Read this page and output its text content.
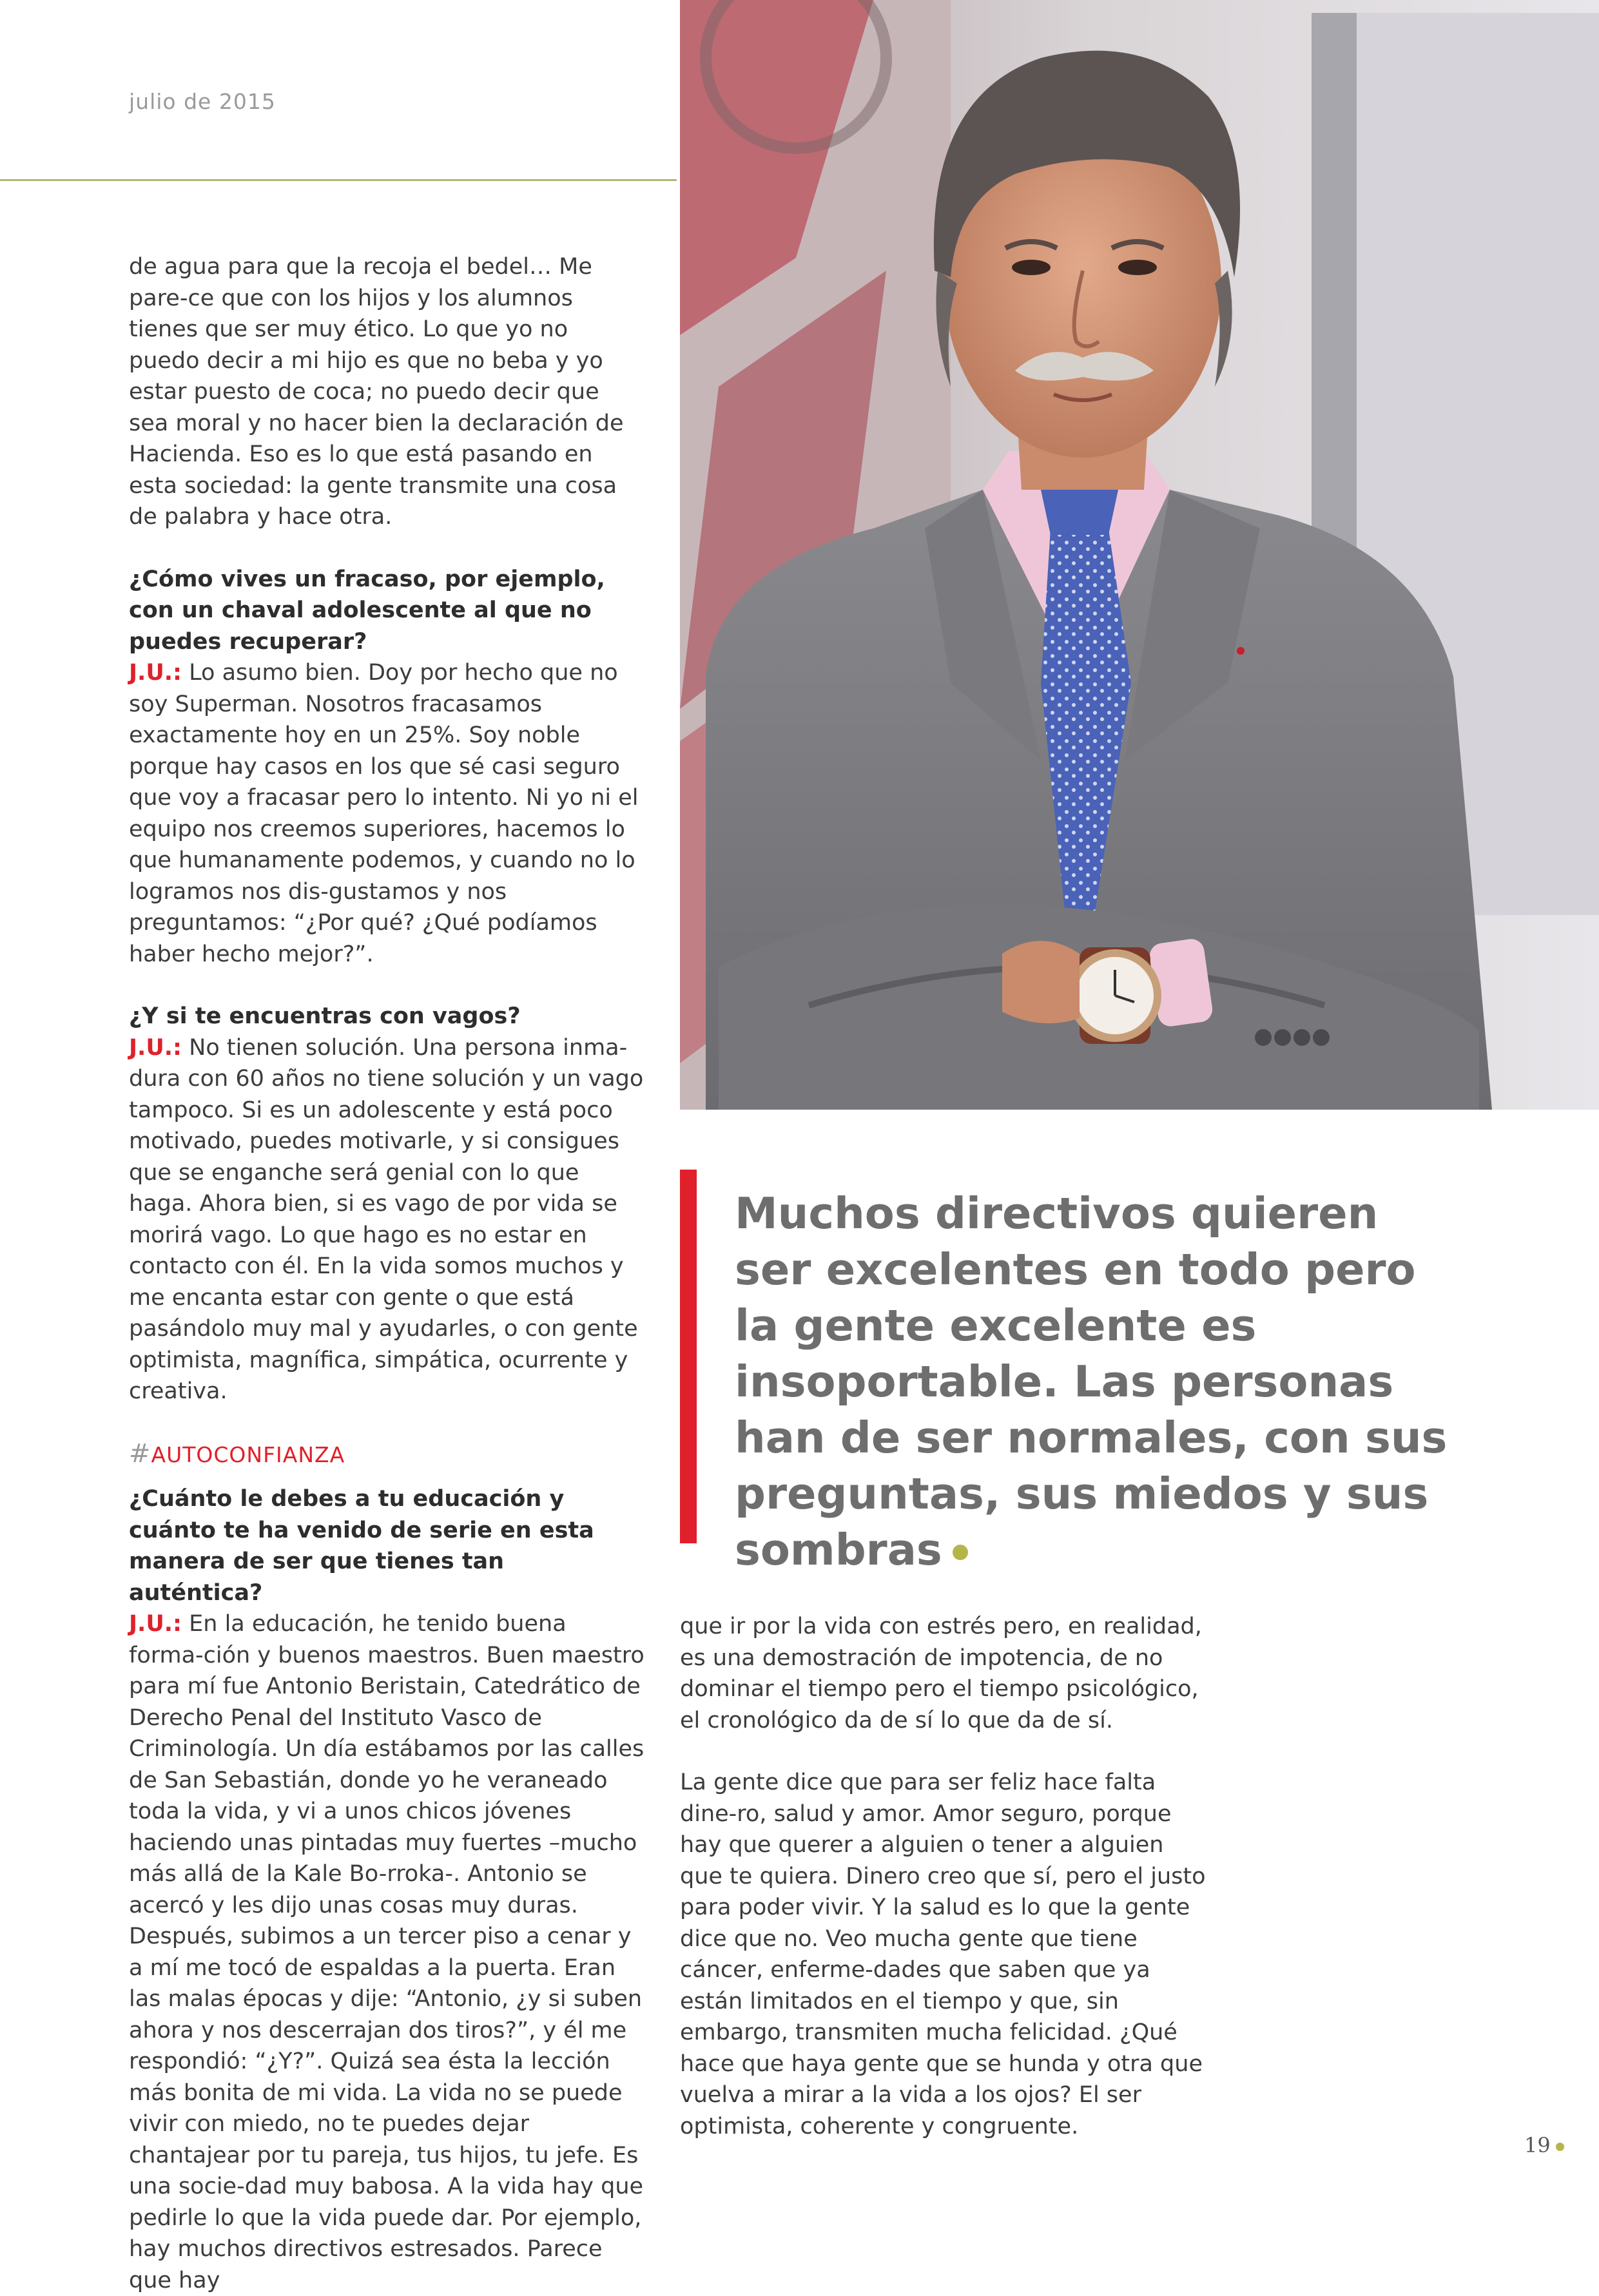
julio de 2015

de agua para que la recoja el bedel… Me pare-ce que con los hijos y los alumnos tienes que ser muy ético. Lo que yo no puedo decir a mi hijo es que no beba y yo estar puesto de coca; no puedo decir que sea moral y no hacer bien la declaración de Hacienda. Eso es lo que está pasando en esta sociedad: la gente transmite una cosa de palabra y hace otra.

¿Cómo vives un fracaso, por ejemplo, con un chaval adolescente al que no puedes recuperar?

J.U.: Lo asumo bien. Doy por hecho que no soy Superman. Nosotros fracasamos exactamente hoy en un 25%. Soy noble porque hay casos en los que sé casi seguro que voy a fracasar pero lo intento. Ni yo ni el equipo nos creemos superiores, hacemos lo que humanamente podemos, y cuando no lo logramos nos dis-gustamos y nos preguntamos: “¿Por qué? ¿Qué podíamos haber hecho mejor?”.

¿Y si te encuentras con vagos?

J.U.: No tienen solución. Una persona inma-dura con 60 años no tiene solución y un vago tampoco. Si es un adolescente y está poco motivado, puedes motivarle, y si consigues que se enganche será genial con lo que haga. Ahora bien, si es vago de por vida se morirá vago. Lo que hago es no estar en contacto con él. En la vida somos muchos y me encanta estar con gente o que está pasándolo muy mal y ayudarles, o con gente optimista, magnífica, simpática, ocurrente y creativa.

#AUTOCONFIANZA

¿Cuánto le debes a tu educación y cuánto te ha venido de serie en esta manera de ser que tienes tan auténtica?

J.U.: En la educación, he tenido buena forma-ción y buenos maestros. Buen maestro para mí fue Antonio Beristain, Catedrático de Derecho Penal del Instituto Vasco de Criminología. Un día estábamos por las calles de San Sebastián, donde yo he veraneado toda la vida, y vi a unos chicos jóvenes haciendo unas pintadas muy fuertes –mucho más allá de la Kale Bo-rroka-. Antonio se acercó y les dijo unas cosas muy duras. Después, subimos a un tercer piso a cenar y a mí me tocó de espaldas a la puerta. Eran las malas épocas y dije: “Antonio, ¿y si suben ahora y nos descerrajan dos tiros?”, y él me respondió: “¿Y?”. Quizá sea ésta la lección más bonita de mi vida. La vida no se puede vivir con miedo, no te puedes dejar chantajear por tu pareja, tus hijos, tu jefe. Es una socie-dad muy babosa. A la vida hay que pedirle lo que la vida puede dar. Por ejemplo, hay muchos directivos estresados. Parece que hay

Muchos directivos quieren ser excelentes en todo pero la gente excelente es insoportable. Las personas han de ser normales, con sus preguntas, sus miedos y sus sombras

que ir por la vida con estrés pero, en realidad, es una demostración de impotencia, de no dominar el tiempo pero el tiempo psicológico, el cronológico da de sí lo que da de sí.

La gente dice que para ser feliz hace falta dine-ro, salud y amor. Amor seguro, porque hay que querer a alguien o tener a alguien que te quiera. Dinero creo que sí, pero el justo para poder vivir. Y la salud es lo que la gente dice que no. Veo mucha gente que tiene cáncer, enferme-dades que saben que ya están limitados en el tiempo y que, sin embargo, transmiten mucha felicidad. ¿Qué hace que haya gente que se hunda y otra que vuelva a mirar a la vida a los ojos? El ser optimista, coherente y congruente.

19
